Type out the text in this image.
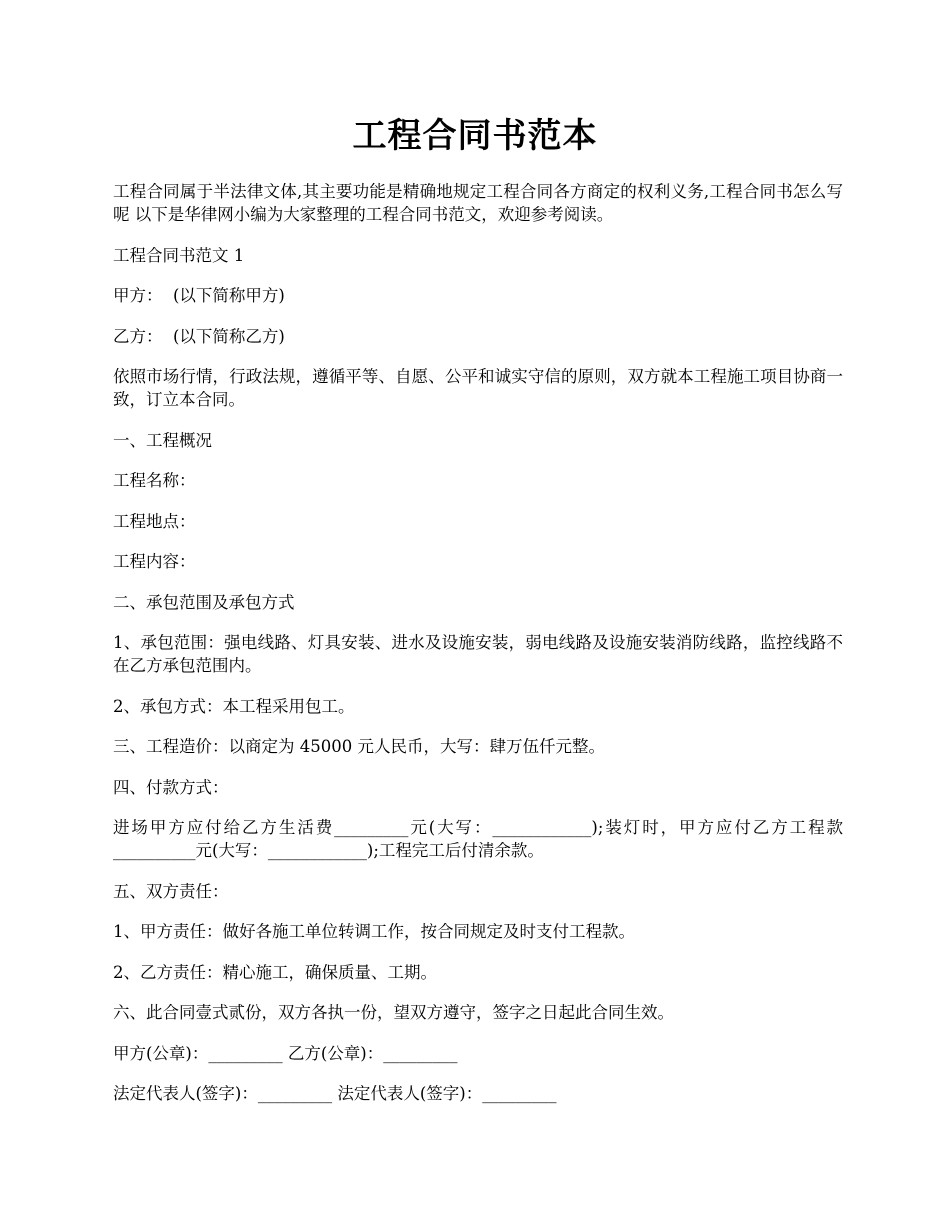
工程合同书范本

工程合同属于半法律文体,其主要功能是精确地规定工程合同各方商定的权利义务,工程合同书怎么写呢 以下是华律网小编为大家整理的工程合同书范文，欢迎参考阅读。

工程合同书范文 1

甲方：  (以下简称甲方)

乙方：  (以下简称乙方)

依照市场行情，行政法规，遵循平等、自愿、公平和诚实守信的原则，双方就本工程施工项目协商一致，订立本合同。

一、工程概况

工程名称：

工程地点：

工程内容：

二、承包范围及承包方式

1、承包范围：强电线路、灯具安装、进水及设施安装，弱电线路及设施安装消防线路，监控线路不在乙方承包范围内。

2、承包方式：本工程采用包工。

三、工程造价：以商定为 45000 元人民币，大写：肆万伍仟元整。

四、付款方式：

进场甲方应付给乙方生活费_________元(大写：____________);装灯时，甲方应付乙方工程款__________元(大写：____________);工程完工后付清余款。

五、双方责任：

1、甲方责任：做好各施工单位转调工作，按合同规定及时支付工程款。

2、乙方责任：精心施工，确保质量、工期。

六、此合同壹式贰份，双方各执一份，望双方遵守，签字之日起此合同生效。

甲方(公章)：_________ 乙方(公章)：_________

法定代表人(签字)：_________ 法定代表人(签字)：_________
